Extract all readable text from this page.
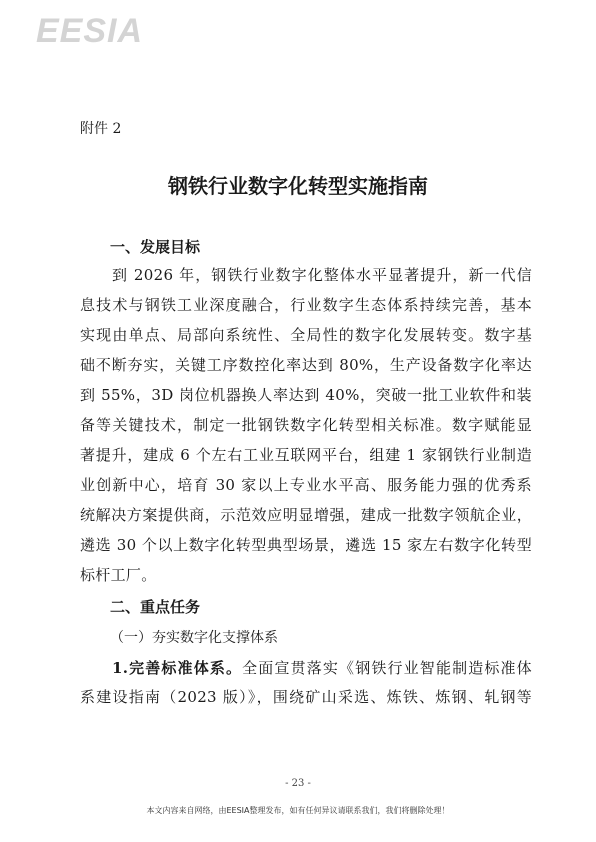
EESIA
附件 2
钢铁行业数字化转型实施指南
一、发展目标
到 2026 年，钢铁行业数字化整体水平显著提升，新一代信
息技术与钢铁工业深度融合，行业数字生态体系持续完善，基本
实现由单点、局部向系统性、全局性的数字化发展转变。数字基
础不断夯实，关键工序数控化率达到 80%，生产设备数字化率达
到 55%，3D 岗位机器换人率达到 40%，突破一批工业软件和装
备等关键技术，制定一批钢铁数字化转型相关标准。数字赋能显
著提升，建成 6 个左右工业互联网平台，组建 1 家钢铁行业制造
业创新中心，培育 30 家以上专业水平高、服务能力强的优秀系
统解决方案提供商，示范效应明显增强，建成一批数字领航企业，
遴选 30 个以上数字化转型典型场景，遴选 15 家左右数字化转型
标杆工厂。
二、重点任务
（一）夯实数字化支撑体系
1.完善标准体系。全面宣贯落实《钢铁行业智能制造标准体
系建设指南（2023 版）》，围绕矿山采选、炼铁、炼钢、轧钢等
- 23 -
本文内容来自网络，由EESIA整理发布，如有任何异议请联系我们，我们将删除处理！
